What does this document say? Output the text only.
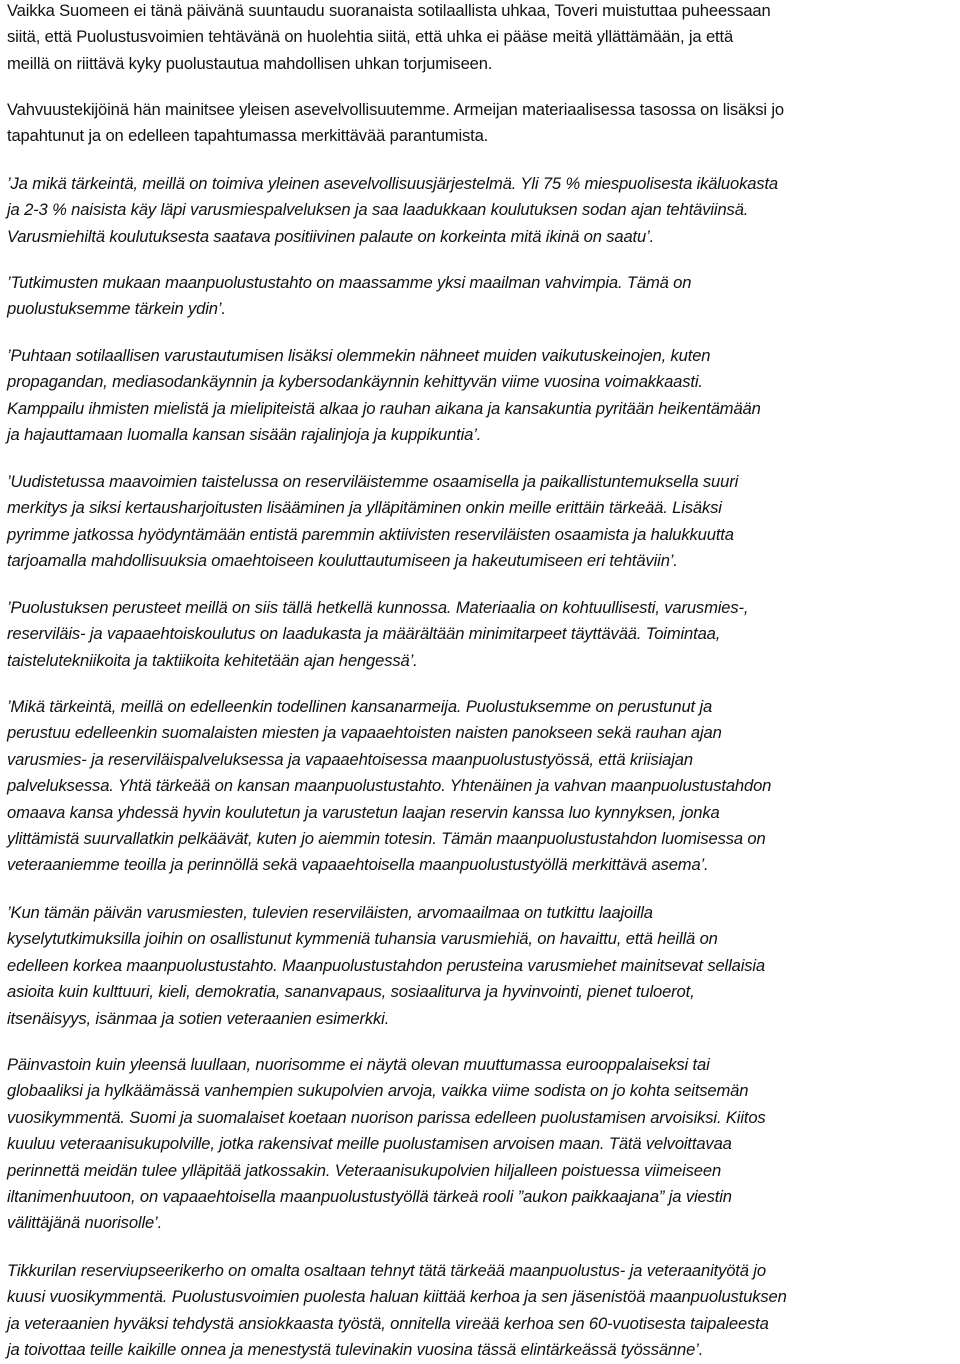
Vaikka Suomeen ei tänä päivänä suuntaudu suoranaista sotilaallista uhkaa, Toveri muistuttaa puheessaan
siitä, että Puolustusvoimien tehtävänä on huolehtia siitä, että uhka ei pääse meitä yllättämään, ja että
meillä on riittävä kyky puolustautua mahdollisen uhkan torjumiseen.

Vahvuustekijöinä hän mainitsee yleisen asevelvollisuutemme. Armeijan materiaalisessa tasossa on lisäksi jo
tapahtunut ja on edelleen tapahtumassa merkittävää parantumista.

’Ja mikä tärkeintä, meillä on toimiva yleinen asevelvollisuusjärjestelmä. Yli 75 % miespuolisesta ikäluokasta
ja 2-3 % naisista käy läpi varusmiespalveluksen ja saa laadukkaan koulutuksen sodan ajan tehtäviinsä.
Varusmiehiltä koulutuksesta saatava positiivinen palaute on korkeinta mitä ikinä on saatu’.

’Tutkimusten mukaan maanpuolustustahto on maassamme yksi maailman vahvimpia. Tämä on
puolustuksemme tärkein ydin’.

’Puhtaan sotilaallisen varustautumisen lisäksi olemmekin nähneet muiden vaikutuskeinojen, kuten
propagandan, mediasodankäynnin ja kybersodankäynnin kehittyvän viime vuosina voimakkaasti.
Kamppailu ihmisten mielistä ja mielipiteistä alkaa jo rauhan aikana ja kansakuntia pyritään heikentämään
ja hajauttamaan luomalla kansan sisään rajalinjoja ja kuppikuntia’.

’Uudistetussa maavoimien taistelussa on reserviläistemme osaamisella ja paikallistuntemuksella suuri
merkitys ja siksi kertausharjoitusten lisääminen ja ylläpitäminen onkin meille erittäin tärkeää. Lisäksi
pyrimme jatkossa hyödyntämään entistä paremmin aktiivisten reserviläisten osaamista ja halukkuutta
tarjoamalla mahdollisuuksia omaehtoiseen kouluttautumiseen ja hakeutumiseen eri tehtäviin’.

’Puolustuksen perusteet meillä on siis tällä hetkellä kunnossa. Materiaalia on kohtuullisesti, varusmies-,
reserviläis- ja vapaaehtoiskoulutus on laadukasta ja määrältään minimitarpeet täyttävää. Toimintaa,
taistelutekniikoita ja taktiikoita kehitetään ajan hengessä’.

’Mikä tärkeintä, meillä on edelleenkin todellinen kansanarmeija. Puolustuksemme on perustunut ja
perustuu edelleenkin suomalaisten miesten ja vapaaehtoisten naisten panokseen sekä rauhan ajan
varusmies- ja reserviläispalveluksessa ja vapaaehtoisessa maanpuolustustyössä, että kriisiajan
palveluksessa. Yhtä tärkeää on kansan maanpuolustustahto. Yhtenäinen ja vahvan maanpuolustustahdon
omaava kansa yhdessä hyvin koulutetun ja varustetun laajan reservin kanssa luo kynnyksen, jonka
ylittämistä suurvallatkin pelkäävät, kuten jo aiemmin totesin. Tämän maanpuolustustahdon luomisessa on
veteraaniemme teoilla ja perinnöllä sekä vapaaehtoisella maanpuolustustyöllä merkittävä asema’.

’Kun tämän päivän varusmiesten, tulevien reserviläisten, arvomaailmaa on tutkittu laajoilla
kyselytutkimuksilla joihin on osallistunut kymmeniä tuhansia varusmiehiä, on havaittu, että heillä on
edelleen korkea maanpuolustustahto. Maanpuolustustahdon perusteina varusmiehet mainitsevat sellaisia
asioita kuin kulttuuri, kieli, demokratia, sananvapaus, sosiaaliturva ja hyvinvointi, pienet tuloerot,
itsenäisyys, isänmaa ja sotien veteraanien esimerkki.

Päinvastoin kuin yleensä luullaan, nuorisomme ei näytä olevan muuttumassa eurooppalaiseksi tai
globaaliksi ja hylkäämässä vanhempien sukupolvien arvoja, vaikka viime sodista on jo kohta seitsemän
vuosikymmentä. Suomi ja suomalaiset koetaan nuorison parissa edelleen puolustamisen arvoisiksi. Kiitos
kuuluu veteraanisukupolville, jotka rakensivat meille puolustamisen arvoisen maan. Tätä velvoittavaa
perinnettä meidän tulee ylläpitää jatkossakin. Veteraanisukupolvien hiljalleen poistuessa viimeiseen
iltanimenhuutoon, on vapaaehtoisella maanpuolustustyöllä tärkeä rooli ”aukon paikkaajana” ja viestin
välittäjänä nuorisolle’.

Tikkurilan reserviupseerikerho on omalta osaltaan tehnyt tätä tärkeää maanpuolustus- ja veteraanityötä jo
kuusi vuosikymmentä. Puolustusvoimien puolesta haluan kiittää kerhoa ja sen jäsenistöä maanpuolustuksen
ja veteraanien hyväksi tehdystä ansiokkaasta työstä, onnitella vireää kerhoa sen 60-vuotisesta taipaleesta
ja toivottaa teille kaikille onnea ja menestystä tulevinakin vuosina tässä elintärkeässä työssänne’.
